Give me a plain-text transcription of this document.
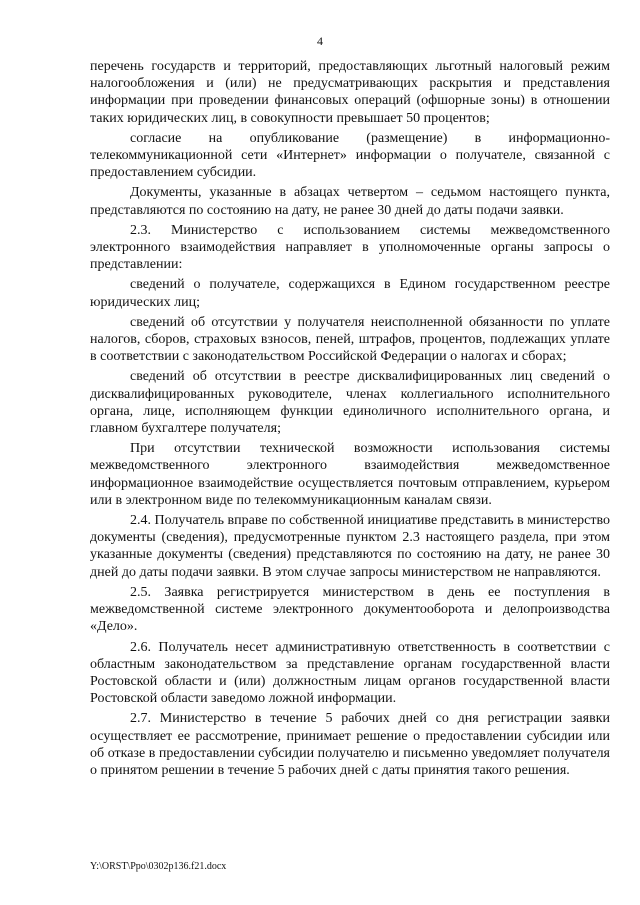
4

перечень государств и территорий, предоставляющих льготный налоговый режим налогообложения и (или) не предусматривающих раскрытия и представления информации при проведении финансовых операций (офшорные зоны) в отношении таких юридических лиц, в совокупности превышает 50 процентов;

согласие на опубликование (размещение) в информационно-телекоммуникационной сети «Интернет» информации о получателе, связанной с предоставлением субсидии.

Документы, указанные в абзацах четвертом – седьмом настоящего пункта, представляются по состоянию на дату, не ранее 30 дней до даты подачи заявки.

2.3. Министерство с использованием системы межведомственного электронного взаимодействия направляет в уполномоченные органы запросы о представлении:

сведений о получателе, содержащихся в Едином государственном реестре юридических лиц;

сведений об отсутствии у получателя неисполненной обязанности по уплате налогов, сборов, страховых взносов, пеней, штрафов, процентов, подлежащих уплате в соответствии с законодательством Российской Федерации о налогах и сборах;

сведений об отсутствии в реестре дисквалифицированных лиц сведений о дисквалифицированных руководителе, членах коллегиального исполнительного органа, лице, исполняющем функции единоличного исполнительного органа, и главном бухгалтере получателя;

При отсутствии технической возможности использования системы межведомственного электронного взаимодействия межведомственное информационное взаимодействие осуществляется почтовым отправлением, курьером или в электронном виде по телекоммуникационным каналам связи.

2.4. Получатель вправе по собственной инициативе представить в министерство документы (сведения), предусмотренные пунктом 2.3 настоящего раздела, при этом указанные документы (сведения) представляются по состоянию на дату, не ранее 30 дней до даты подачи заявки. В этом случае запросы министерством не направляются.

2.5. Заявка регистрируется министерством в день ее поступления в межведомственной системе электронного документооборота и делопроизводства «Дело».

2.6. Получатель несет административную ответственность в соответствии с областным законодательством за представление органам государственной власти Ростовской области и (или) должностным лицам органов государственной власти Ростовской области заведомо ложной информации.

2.7. Министерство в течение 5 рабочих дней со дня регистрации заявки осуществляет ее рассмотрение, принимает решение о предоставлении субсидии или об отказе в предоставлении субсидии получателю и письменно уведомляет получателя о принятом решении в течение 5 рабочих дней с даты принятия такого решения.

Y:\ORST\Ppo\0302p136.f21.docx
